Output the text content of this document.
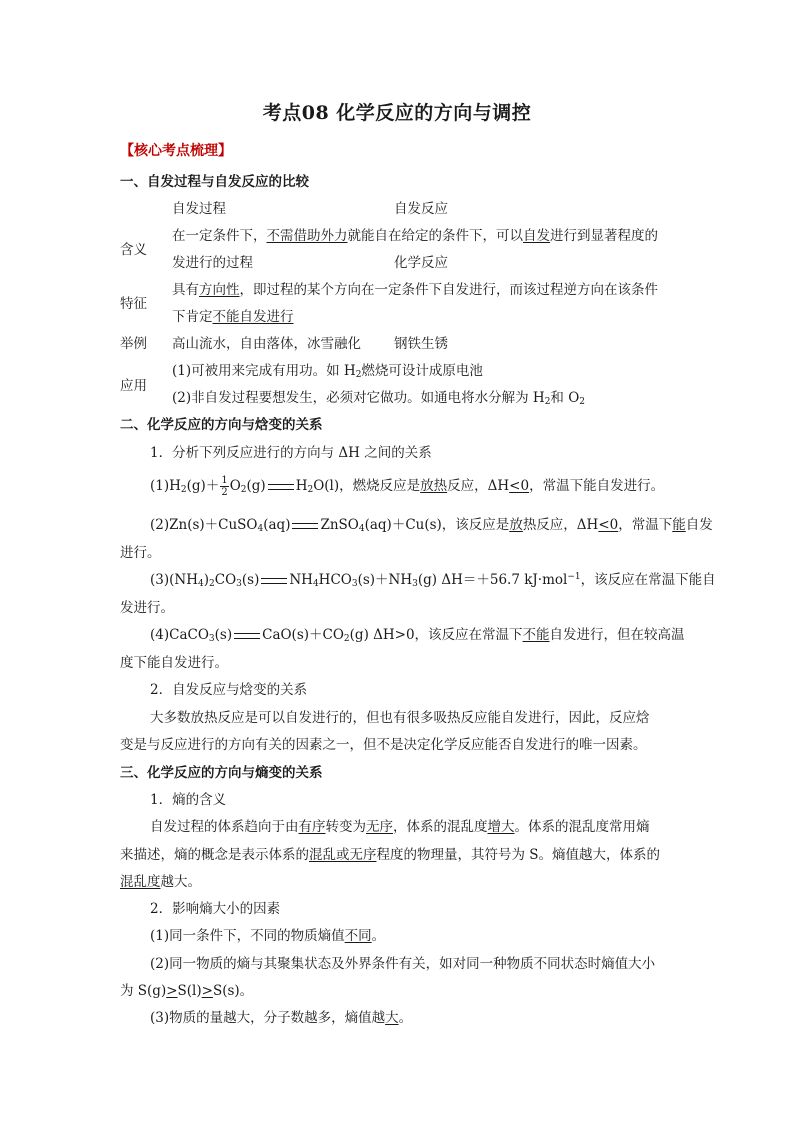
考点08 化学反应的方向与调控
【核心考点梳理】
一、自发过程与自发反应的比较
自发过程	自发反应
含义
在一定条件下，不需借助外力就能自在给定的条件下，可以自发进行到显著程度的
发进行的过程	化学反应
特征
具有方向性，即过程的某个方向在一定条件下自发进行，而该过程逆方向在该条件
下肯定不能自发进行
举例 高山流水，自由落体，冰雪融化 钢铁生锈
应用
(1)可被用来完成有用功。如 $H_2$燃烧可设计成原电池
(2)非自发过程要想发生，必须对它做功。如通电将水分解为 $H_2$和 $O_2$
二、化学反应的方向与焓变的关系
1．分析下列反应进行的方向与 ΔH 之间的关系
$(1)H_2(g)+ \frac{1}{2} O_2(g)$ $H_2O(l)$，燃烧反应是放热反应，ΔH<0，常温下能自发进行。
(2)Zn(s)＋CuSO$_4$(aq) ZnSO$_4$(aq)＋Cu(s)，该反应是放热反应，ΔH<0，常温下能自发
进行。
$(3)(NH_4)_2CO_3(s)$ $NH_4HCO_3(s)+NH_3(g)$ ΔH＝＋56.7 kJ·mol$^{-1}$，该反应在常温下能自
发进行。
(4)CaCO$_3$(s) $CaO(s)+CO_2(g)$ ΔH>0，该反应在常温下不能自发进行，但在较高温
度下能自发进行。
2．自发反应与焓变的关系
大多数放热反应是可以自发进行的，但也有很多吸热反应能自发进行，因此，反应焓
变是与反应进行的方向有关的因素之一，但不是决定化学反应能否自发进行的唯一因素。
三、化学反应的方向与熵变的关系
1．熵的含义
自发过程的体系趋向于由有序转变为无序，体系的混乱度增大。体系的混乱度常用熵
来描述，熵的概念是表示体系的混乱或无序程度的物理量，其符号为 S。熵值越大，体系的
混乱度越大。
2．影响熵大小的因素
(1)同一条件下，不同的物质熵值不同。
(2)同一物质的熵与其聚集状态及外界条件有关，如对同一种物质不同状态时熵值大小
为 S(g)>S(l)>S(s)。
(3)物质的量越大，分子数越多，熵值越大。
